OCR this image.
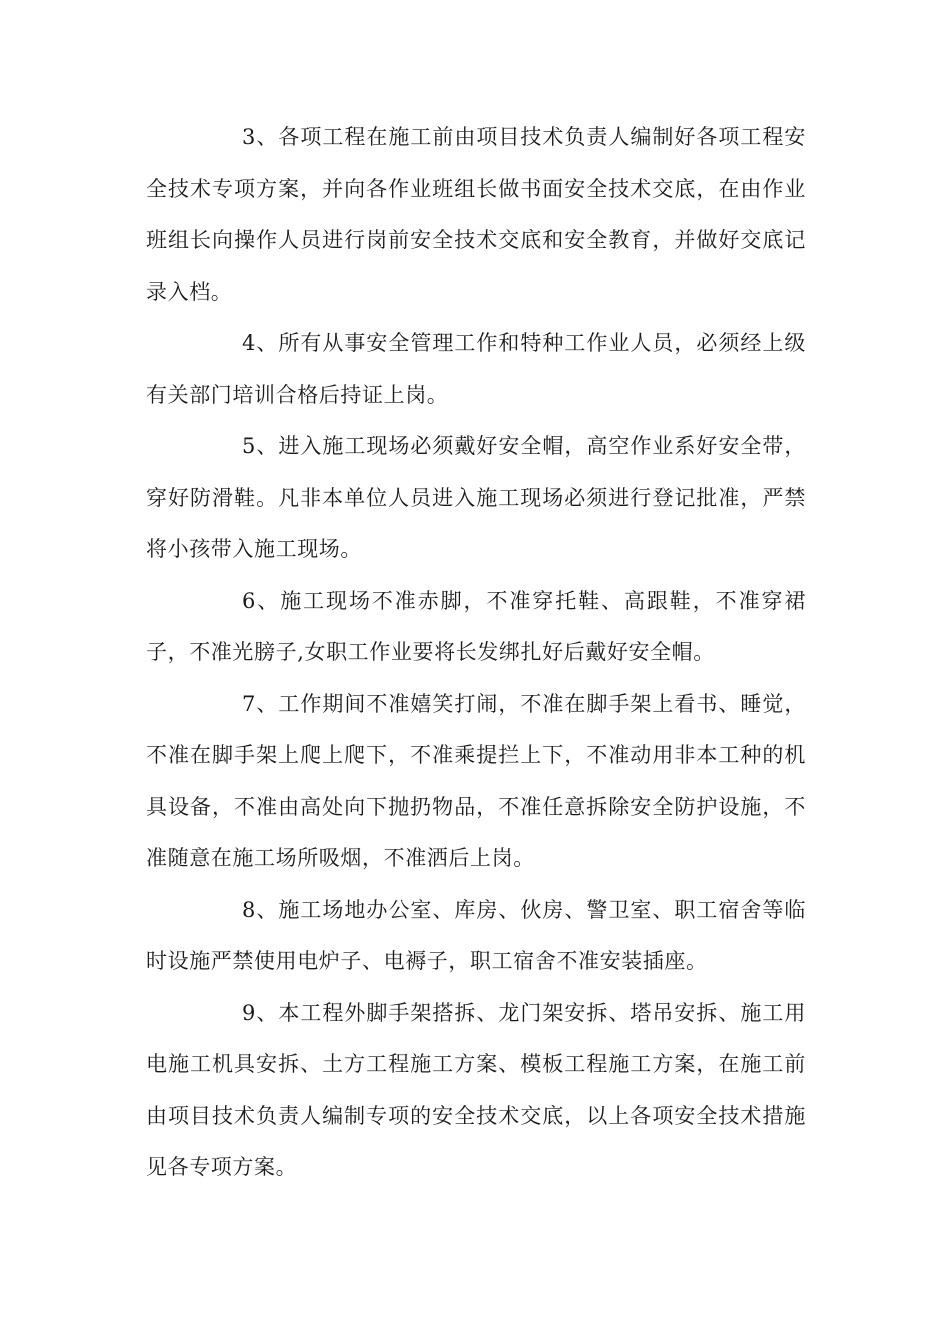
3、各项工程在施工前由项目技术负责人编制好各项工程安全技术专项方案，并向各作业班组长做书面安全技术交底，在由作业班组长向操作人员进行岗前安全技术交底和安全教育，并做好交底记录入档。

4、所有从事安全管理工作和特种工作业人员，必须经上级有关部门培训合格后持证上岗。

5、进入施工现场必须戴好安全帽，高空作业系好安全带，穿好防滑鞋。凡非本单位人员进入施工现场必须进行登记批准，严禁将小孩带入施工现场。

6、施工现场不准赤脚，不准穿托鞋、高跟鞋，不准穿裙子，不准光膀子,女职工作业要将长发绑扎好后戴好安全帽。

7、工作期间不准嬉笑打闹，不准在脚手架上看书、睡觉，不准在脚手架上爬上爬下，不准乘提拦上下，不准动用非本工种的机具设备，不准由高处向下抛扔物品，不准任意拆除安全防护设施，不准随意在施工场所吸烟，不准洒后上岗。

8、施工场地办公室、库房、伙房、警卫室、职工宿舍等临时设施严禁使用电炉子、电褥子，职工宿舍不准安装插座。

9、本工程外脚手架搭拆、龙门架安拆、塔吊安拆、施工用电施工机具安拆、土方工程施工方案、模板工程施工方案，在施工前由项目技术负责人编制专项的安全技术交底，以上各项安全技术措施见各专项方案。
